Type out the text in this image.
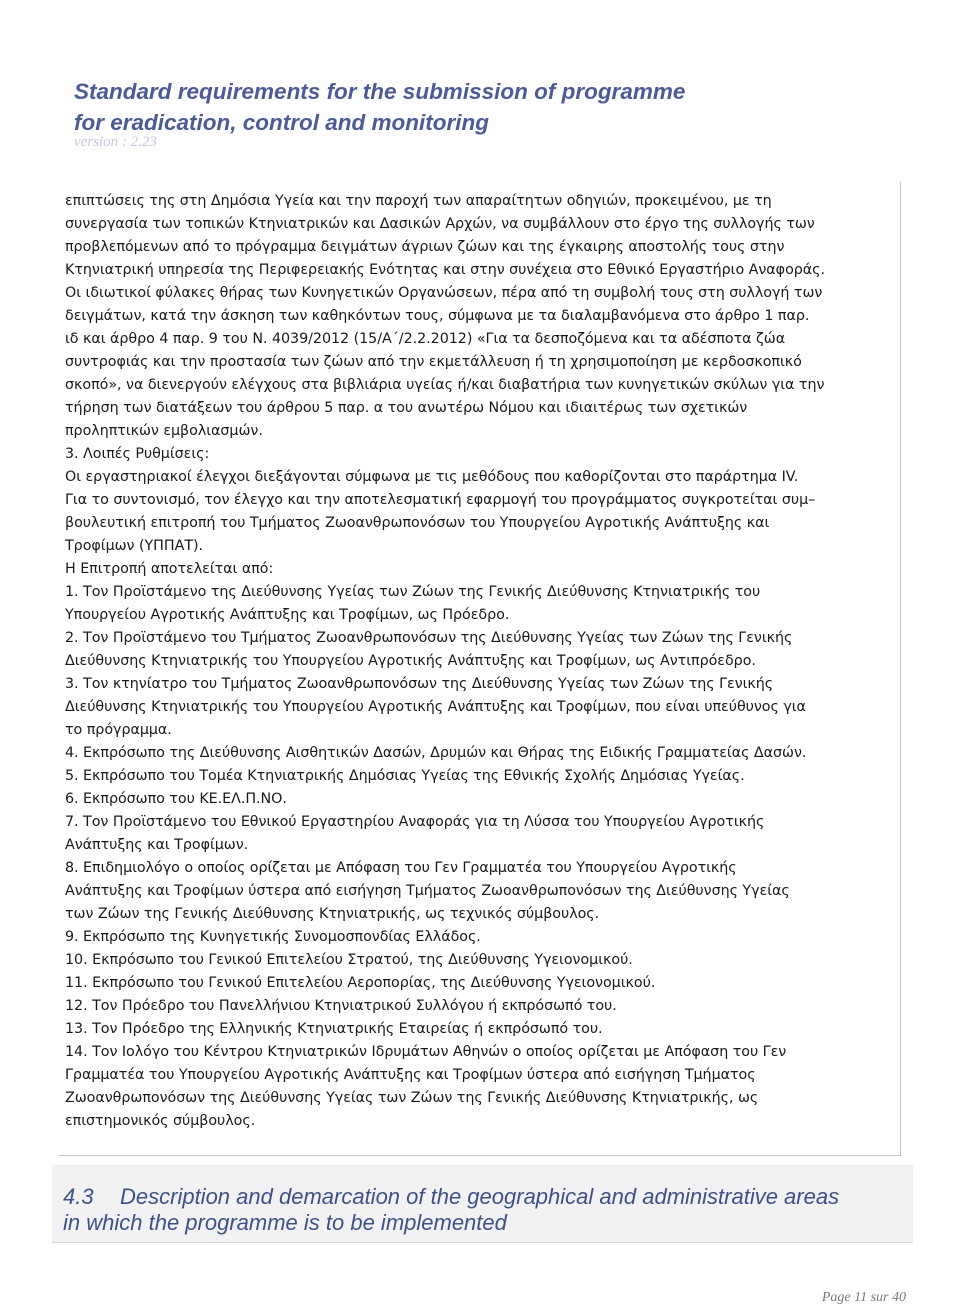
Standard requirements for the submission of programme
for eradication, control and monitoring
version : 2.23
επιπτώσεις της στη Δημόσια Υγεία και την παροχή των απαραίτητων οδηγιών, προκειμένου, με τη
συνεργασία των τοπικών Κτηνιατρικών και Δασικών Αρχών, να συμβάλλουν στο έργο της συλλογής των
προβλεπόμενων από το πρόγραμμα δειγμάτων άγριων ζώων και της έγκαιρης αποστολής τους στην
Κτηνιατρική υπηρεσία της Περιφερειακής Ενότητας και στην συνέχεια στο Εθνικό Εργαστήριο Αναφοράς.
Οι ιδιωτικοί φύλακες θήρας των Κυνηγετικών Οργανώσεων, πέρα από τη συμβολή τους στη συλλογή των
δειγμάτων, κατά την άσκηση των καθηκόντων τους, σύμφωνα με τα διαλαμβανόμενα στο άρθρο 1 παρ.
ιδ και άρθρο 4 παρ. 9 του Ν. 4039/2012 (15/Α΄/2.2.2012) «Για τα δεσποζόμενα και τα αδέσποτα ζώα
συντροφιάς και την προστασία των ζώων από την εκμετάλλευση ή τη χρησιμοποίηση με κερδοσκοπικό
σκοπό», να διενεργούν ελέγχους στα βιβλιάρια υγείας ή/και διαβατήρια των κυνηγετικών σκύλων για την
τήρηση των διατάξεων του άρθρου 5 παρ. α του ανωτέρω Νόμου και ιδιαιτέρως των σχετικών
προληπτικών εμβολιασμών.
3. Λοιπές Ρυθμίσεις:
Οι εργαστηριακοί έλεγχοι διεξάγονται σύμφωνα με τις μεθόδους που καθορίζονται στο παράρτημα IV.
Για το συντονισμό, τον έλεγχο και την αποτελεσματική εφαρμογή του προγράμματος συγκροτείται συμ–
βουλευτική επιτροπή του Τμήματος Ζωοανθρωπονόσων του Υπουργείου Αγροτικής Ανάπτυξης και
Τροφίμων (ΥΠΠΑΤ).
Η Επιτροπή αποτελείται από:
1. Τον Προϊστάμενο της Διεύθυνσης Υγείας των Ζώων της Γενικής Διεύθυνσης Κτηνιατρικής του
Υπουργείου Αγροτικής Ανάπτυξης και Τροφίμων, ως Πρόεδρο.
2. Τον Προϊστάμενο του Τμήματος Ζωοανθρωπονόσων της Διεύθυνσης Υγείας των Ζώων της Γενικής
Διεύθυνσης Κτηνιατρικής του Υπουργείου Αγροτικής Ανάπτυξης και Τροφίμων, ως Αντιπρόεδρο.
3. Τον κτηνίατρο του Τμήματος Ζωοανθρωπονόσων της Διεύθυνσης Υγείας των Ζώων της Γενικής
Διεύθυνσης Κτηνιατρικής του Υπουργείου Αγροτικής Ανάπτυξης και Τροφίμων, που είναι υπεύθυνος για
το πρόγραμμα.
4. Εκπρόσωπο της Διεύθυνσης Αισθητικών Δασών, Δρυμών και Θήρας της Ειδικής Γραμματείας Δασών.
5. Εκπρόσωπο του Τομέα Κτηνιατρικής Δημόσιας Υγείας της Εθνικής Σχολής Δημόσιας Υγείας.
6. Εκπρόσωπο του ΚΕ.ΕΛ.Π.ΝΟ.
7. Τον Προϊστάμενο του Εθνικού Εργαστηρίου Αναφοράς για τη Λύσσα του Υπουργείου Αγροτικής
Ανάπτυξης και Τροφίμων.
8. Επιδημιολόγο ο οποίος ορίζεται με Απόφαση του Γεν Γραμματέα του Υπουργείου Αγροτικής
Ανάπτυξης και Τροφίμων ύστερα από εισήγηση Τμήματος Ζωοανθρωπονόσων της Διεύθυνσης Υγείας
των Ζώων της Γενικής Διεύθυνσης Κτηνιατρικής, ως τεχνικός σύμβουλος.
9. Εκπρόσωπο της Κυνηγετικής Συνομοσπονδίας Ελλάδος.
10. Εκπρόσωπο του Γενικού Επιτελείου Στρατού, της Διεύθυνσης Υγειονομικού.
11. Εκπρόσωπο του Γενικού Επιτελείου Αεροπορίας, της Διεύθυνσης Υγειονομικού.
12. Τον Πρόεδρο του Πανελλήνιου Κτηνιατρικού Συλλόγου ή εκπρόσωπό του.
13. Τον Πρόεδρο της Ελληνικής Κτηνιατρικής Εταιρείας ή εκπρόσωπό του.
14. Τον Ιολόγο του Κέντρου Κτηνιατρικών Ιδρυμάτων Αθηνών ο οποίος ορίζεται με Απόφαση του Γεν
Γραμματέα του Υπουργείου Αγροτικής Ανάπτυξης και Τροφίμων ύστερα από εισήγηση Τμήματος
Ζωοανθρωπονόσων της Διεύθυνσης Υγείας των Ζώων της Γενικής Διεύθυνσης Κτηνιατρικής, ως
επιστημονικός σύμβουλος.
4.3 Description and demarcation of the geographical and administrative areas
in which the programme is to be implemented
Page 11 sur 40
